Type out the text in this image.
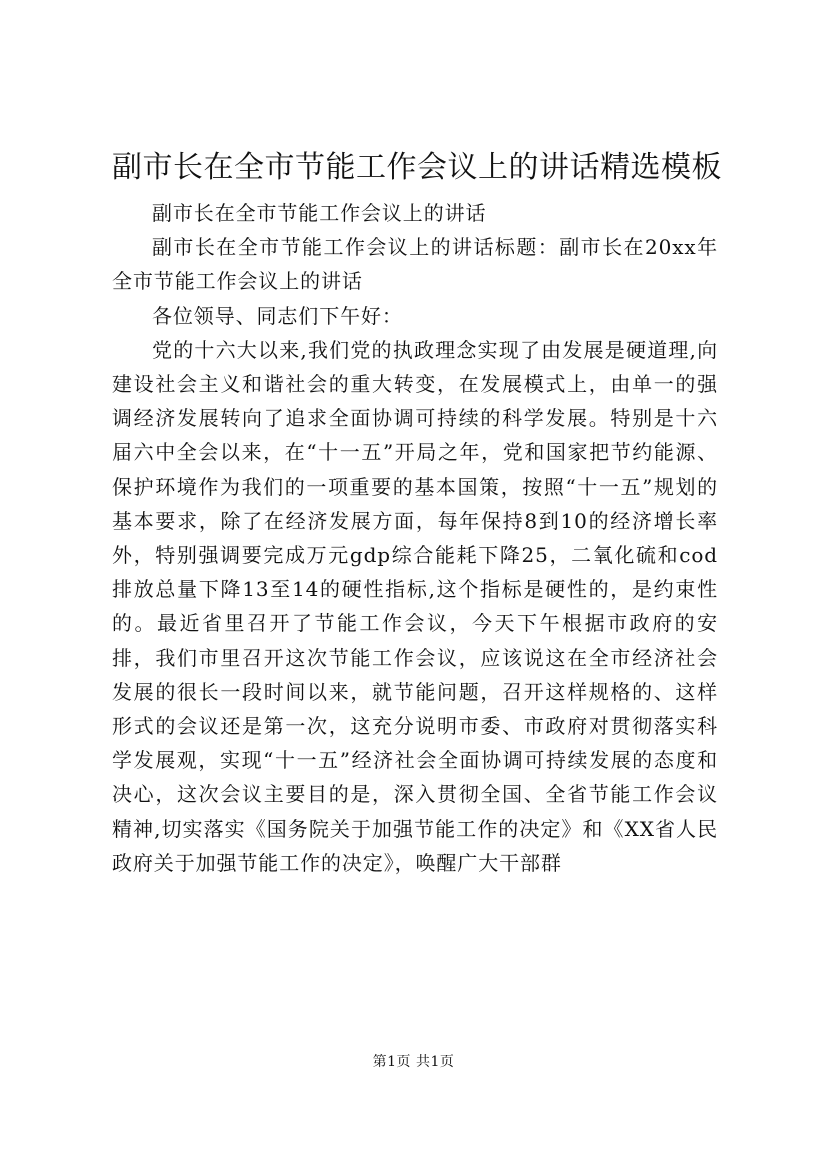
副市长在全市节能工作会议上的讲话精选模板

副市长在全市节能工作会议上的讲话

副市长在全市节能工作会议上的讲话标题：副市长在20xx年全市节能工作会议上的讲话

各位领导、同志们下午好：

党的十六大以来,我们党的执政理念实现了由发展是硬道理,向建设社会主义和谐社会的重大转变，在发展模式上，由单一的强调经济发展转向了追求全面协调可持续的科学发展。特别是十六届六中全会以来，在“十一五”开局之年，党和国家把节约能源、保护环境作为我们的一项重要的基本国策，按照“十一五”规划的基本要求，除了在经济发展方面，每年保持8到10的经济增长率外，特别强调要完成万元gdp综合能耗下降25，二氧化硫和cod排放总量下降13至14的硬性指标,这个指标是硬性的，是约束性的。最近省里召开了节能工作会议，今天下午根据市政府的安排，我们市里召开这次节能工作会议，应该说这在全市经济社会发展的很长一段时间以来，就节能问题，召开这样规格的、这样形式的会议还是第一次，这充分说明市委、市政府对贯彻落实科学发展观，实现“十一五”经济社会全面协调可持续发展的态度和决心，这次会议主要目的是，深入贯彻全国、全省节能工作会议精神,切实落实《国务院关于加强节能工作的决定》和《XX省人民政府关于加强节能工作的决定》，唤醒广大干部群

第1页 共1页
